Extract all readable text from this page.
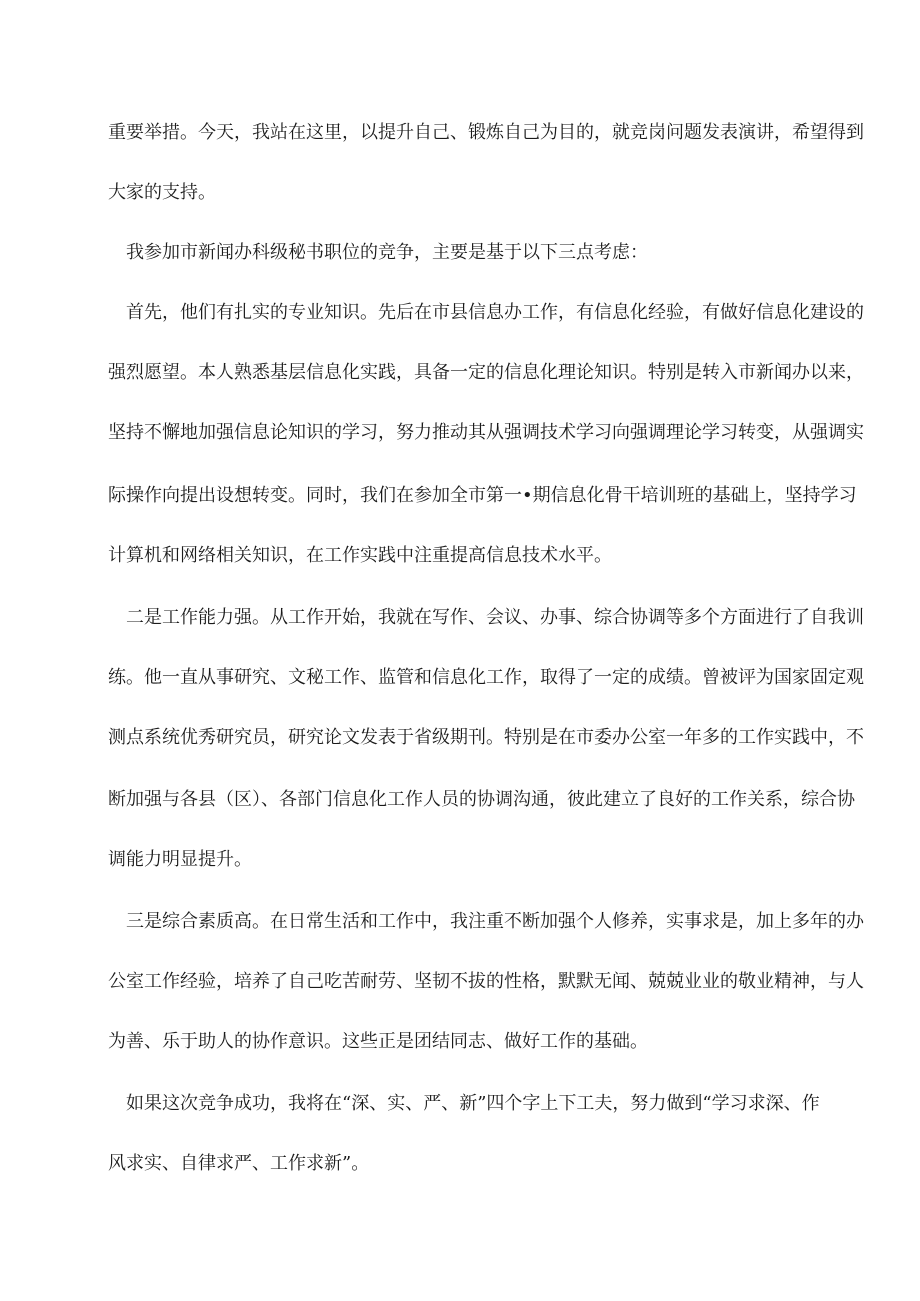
重要举措。今天，我站在这里，以提升自己、锻炼自己为目的，就竞岗问题发表演讲，希望得到
大家的支持。
我参加市新闻办科级秘书职位的竞争，主要是基于以下三点考虑：
首先，他们有扎实的专业知识。先后在市县信息办工作，有信息化经验，有做好信息化建设的
强烈愿望。本人熟悉基层信息化实践，具备一定的信息化理论知识。特别是转入市新闻办以来，
坚持不懈地加强信息论知识的学习，努力推动其从强调技术学习向强调理论学习转变，从强调实
际操作向提出设想转变。同时，我们在参加全市第一•期信息化骨干培训班的基础上，坚持学习
计算机和网络相关知识，在工作实践中注重提高信息技术水平。
二是工作能力强。从工作开始，我就在写作、会议、办事、综合协调等多个方面进行了自我训
练。他一直从事研究、文秘工作、监管和信息化工作，取得了一定的成绩。曾被评为国家固定观
测点系统优秀研究员，研究论文发表于省级期刊。特别是在市委办公室一年多的工作实践中，不
断加强与各县（区）、各部门信息化工作人员的协调沟通，彼此建立了良好的工作关系，综合协
调能力明显提升。
三是综合素质高。在日常生活和工作中，我注重不断加强个人修养，实事求是，加上多年的办
公室工作经验，培养了自己吃苦耐劳、坚韧不拔的性格，默默无闻、兢兢业业的敬业精神，与人
为善、乐于助人的协作意识。这些正是团结同志、做好工作的基础。
如果这次竞争成功，我将在“深、实、严、新”四个字上下工夫，努力做到“学习求深、作
风求实、自律求严、工作求新”。
